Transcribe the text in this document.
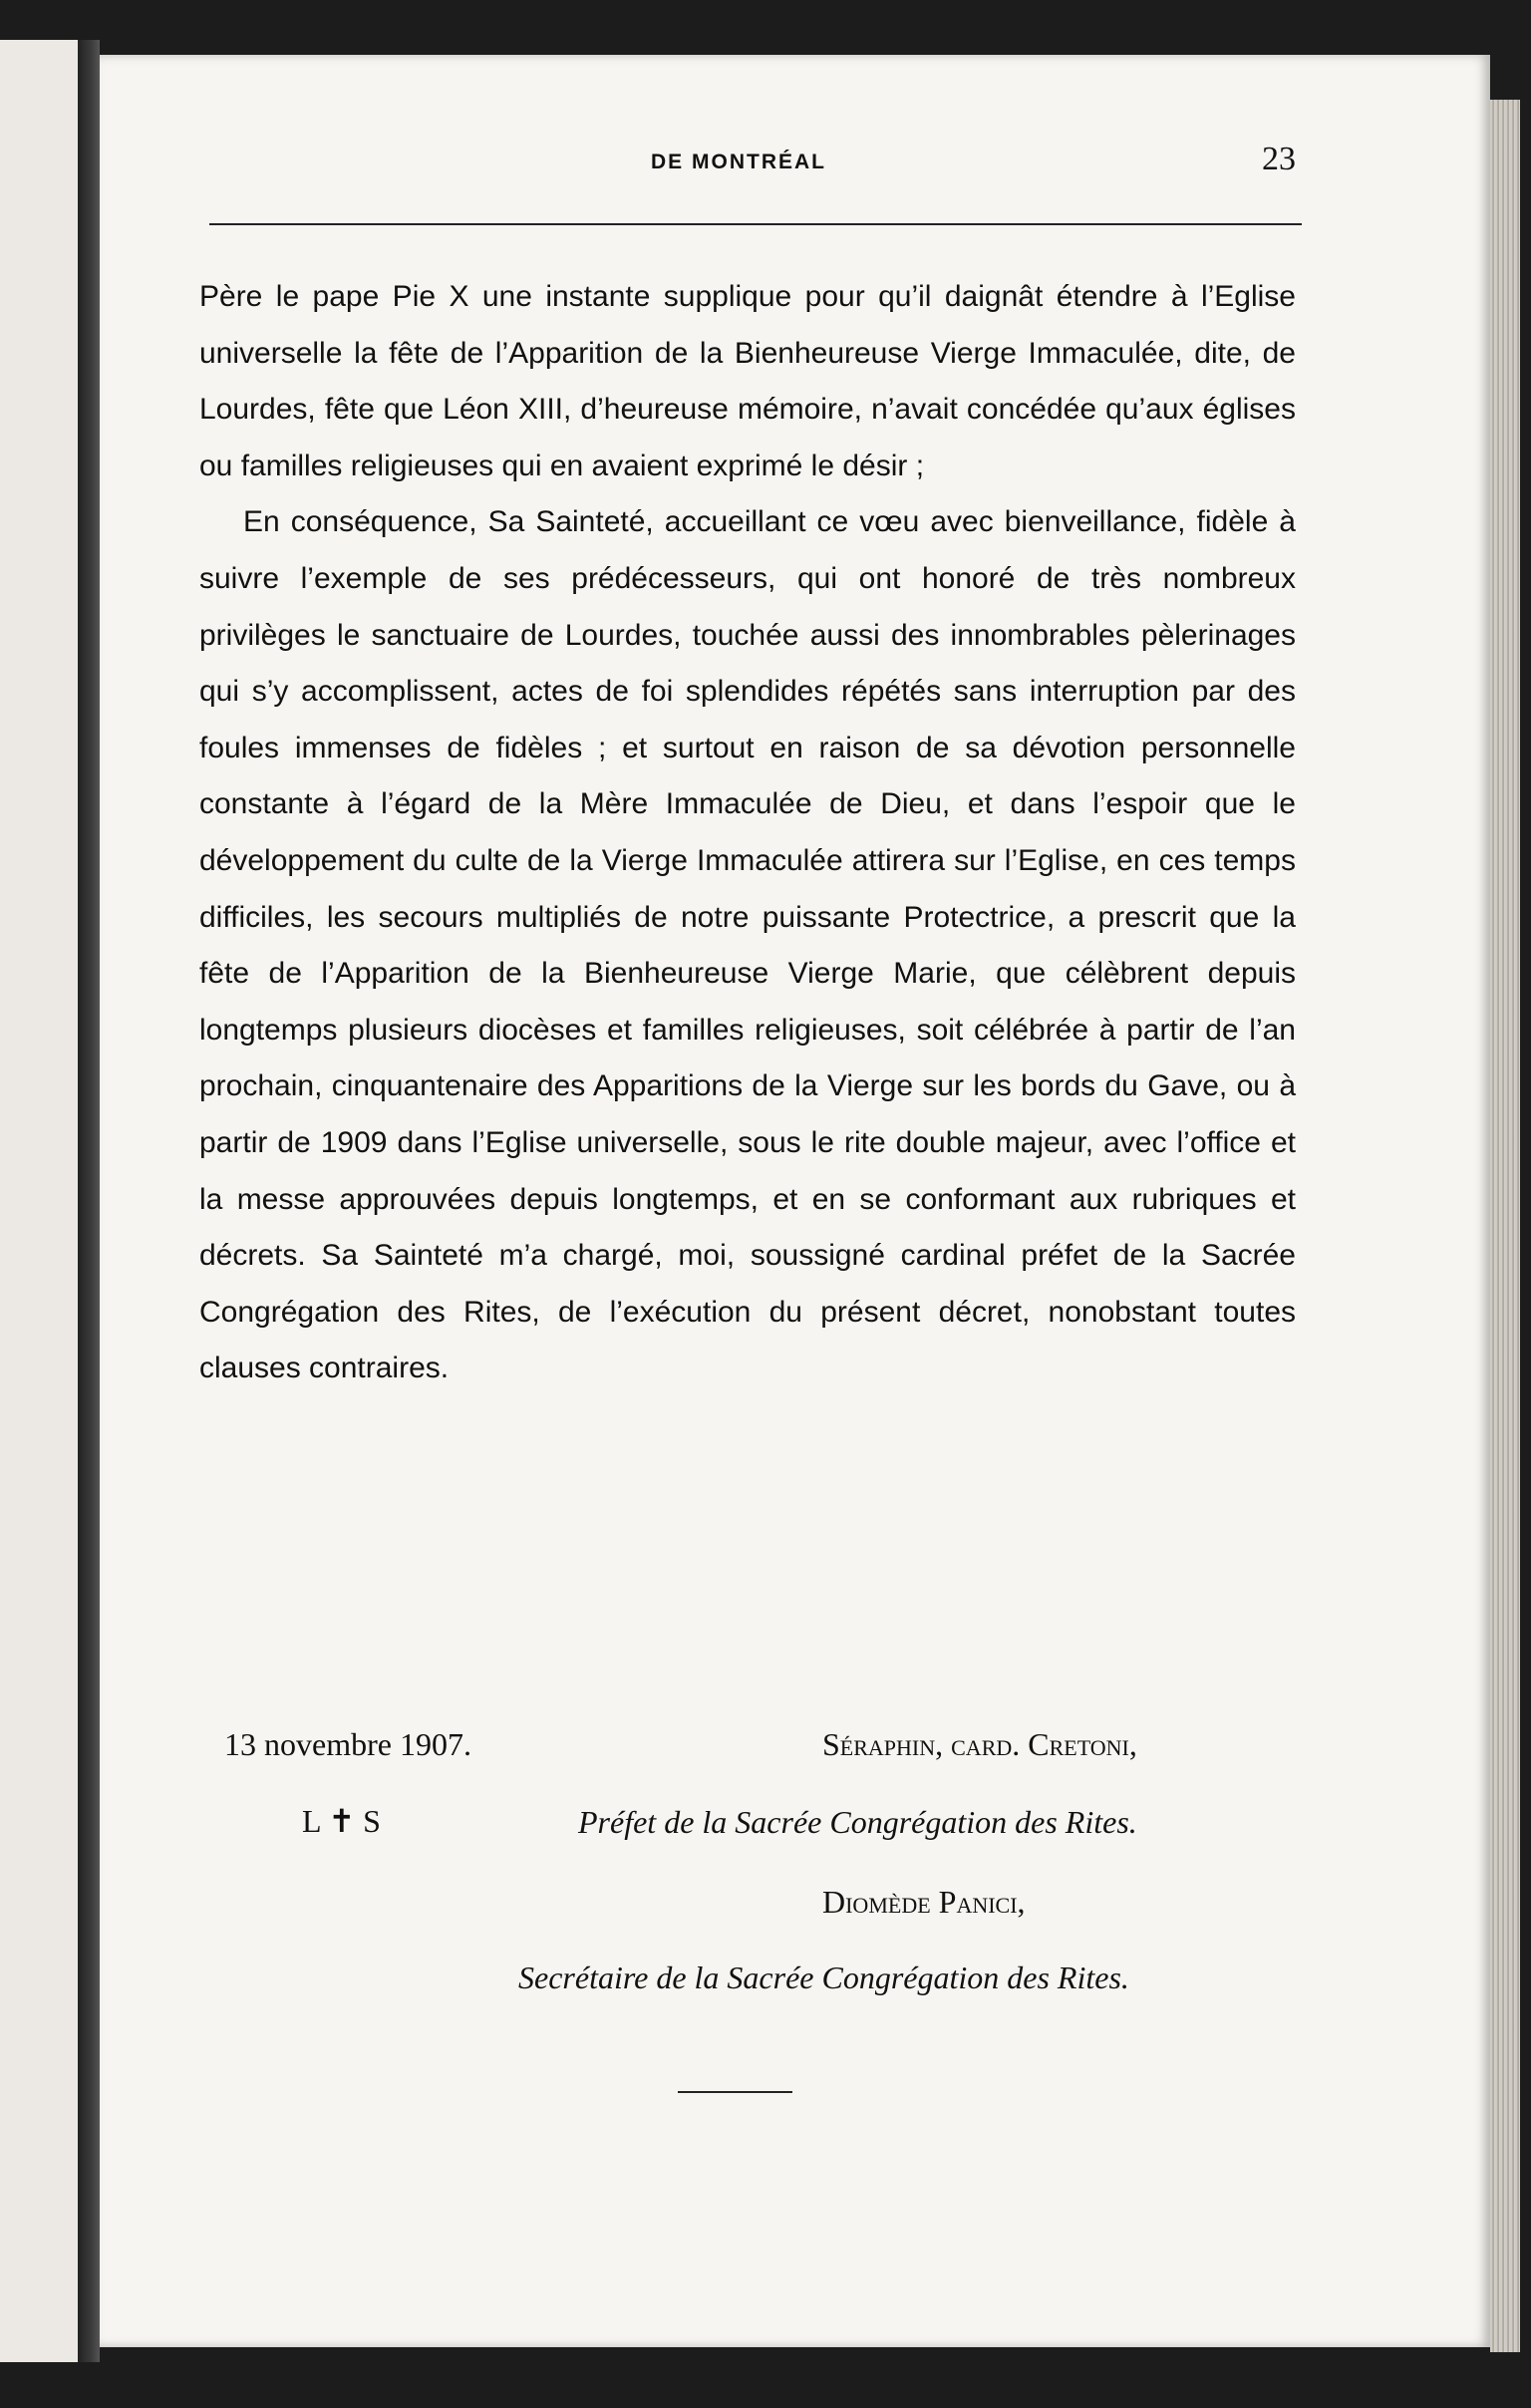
DE MONTRÉAL	23

Père le pape Pie X une instante supplique pour qu’il daignât étendre à l’Eglise universelle la fête de l’Apparition de la Bienheureuse Vierge Immaculée, dite, de Lourdes, fête que Léon XIII, d’heureuse mémoire, n’avait concédée qu’aux églises ou familles religieuses qui en avaient exprimé le désir ;

En conséquence, Sa Sainteté, accueillant ce vœu avec bienveillance, fidèle à suivre l’exemple de ses prédécesseurs, qui ont honoré de très nombreux privilèges le sanctuaire de Lourdes, touchée aussi des innombrables pèlerinages qui s’y accomplissent, actes de foi splendides répétés sans interruption par des foules immenses de fidèles ; et surtout en raison de sa dévotion personnelle constante à l’égard de la Mère Immaculée de Dieu, et dans l’espoir que le développement du culte de la Vierge Immaculée attirera sur l’Eglise, en ces temps difficiles, les secours multipliés de notre puissante Protectrice, a prescrit que la fête de l’Apparition de la Bienheureuse Vierge Marie, que célèbrent depuis longtemps plusieurs diocèses et familles religieuses, soit célébrée à partir de l’an prochain, cinquantenaire des Apparitions de la Vierge sur les bords du Gave, ou à partir de 1909 dans l’Eglise universelle, sous le rite double majeur, avec l’office et la messe approuvées depuis longtemps, et en se conformant aux rubriques et décrets. Sa Sainteté m’a chargé, moi, soussigné cardinal préfet de la Sacrée Congrégation des Rites, de l’exécution du présent décret, nonobstant toutes clauses contraires.

13 novembre 1907.	Séraphin, card. Cretoni,
L ✝ S	Préfet de la Sacrée Congrégation des Rites.
Diomède Panici,
Secrétaire de la Sacrée Congrégation des Rites.
